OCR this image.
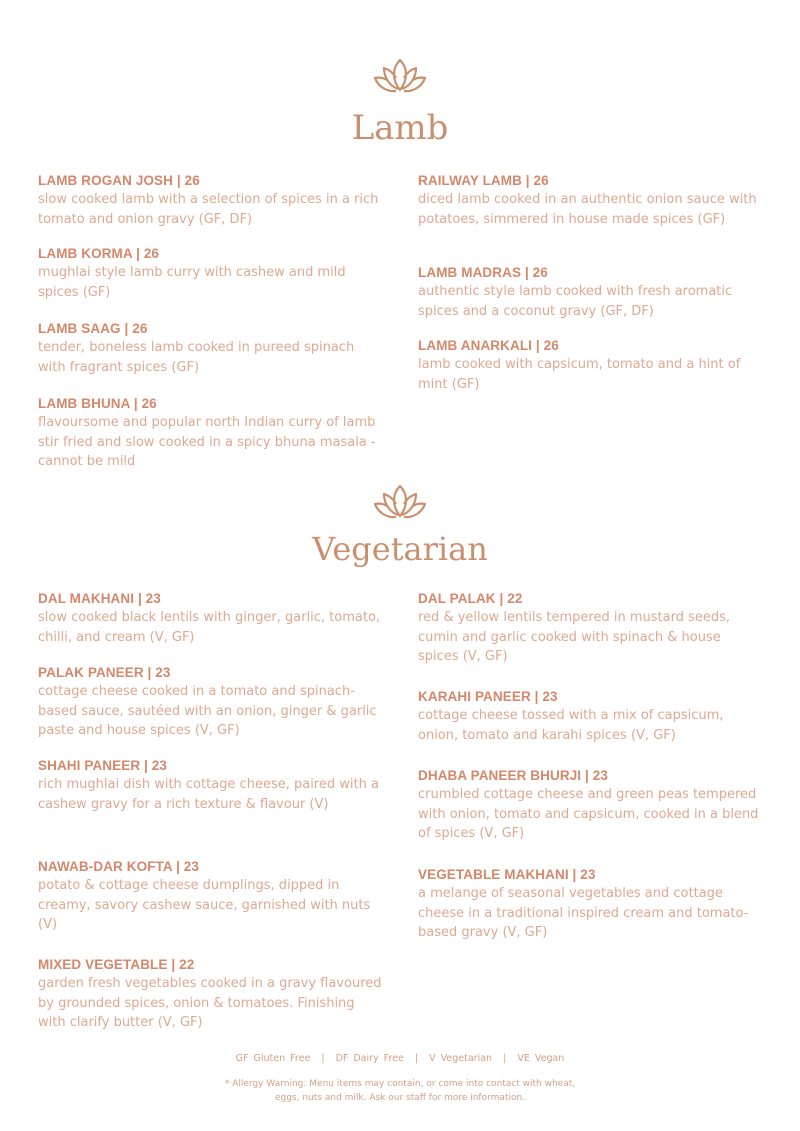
Lamb
LAMB ROGAN JOSH | 26
slow cooked lamb with a selection of spices in a rich tomato and onion gravy (GF, DF)
LAMB KORMA | 26
mughlai style lamb curry with cashew and mild spices (GF)
LAMB SAAG | 26
tender, boneless lamb cooked in pureed spinach with fragrant spices (GF)
LAMB BHUNA | 26
flavoursome and popular north Indian curry of lamb stir fried and slow cooked in a spicy bhuna masala - cannot be mild
RAILWAY LAMB | 26
diced lamb cooked in an authentic onion sauce with potatoes, simmered in house made spices (GF)
LAMB MADRAS | 26
authentic style lamb cooked with fresh aromatic spices and a coconut gravy (GF, DF)
LAMB ANARKALI | 26
lamb cooked with capsicum, tomato and a hint of mint (GF)
Vegetarian
DAL MAKHANI | 23
slow cooked black lentils with ginger, garlic, tomato, chilli, and cream (V, GF)
PALAK PANEER | 23
cottage cheese cooked in a tomato and spinach-based sauce, sautéed with an onion, ginger & garlic paste and house spices (V, GF)
SHAHI PANEER | 23
rich mughlai dish with cottage cheese, paired with a cashew gravy for a rich texture & flavour (V)
NAWAB-DAR KOFTA | 23
potato & cottage cheese dumplings, dipped in creamy, savory cashew sauce, garnished with nuts (V)
MIXED VEGETABLE | 22
garden fresh vegetables cooked in a gravy flavoured by grounded spices, onion & tomatoes. Finishing with clarify butter (V, GF)
DAL PALAK | 22
red & yellow lentils tempered in mustard seeds, cumin and garlic cooked with spinach & house spices (V, GF)
KARAHI PANEER | 23
cottage cheese tossed with a mix of capsicum, onion, tomato and karahi spices (V, GF)
DHABA PANEER BHURJI | 23
crumbled cottage cheese and green peas tempered with onion, tomato and capsicum, cooked in a blend of spices (V, GF)
VEGETABLE MAKHANI | 23
a melange of seasonal vegetables and cottage cheese in a traditional inspired cream and tomato-based gravy (V, GF)
GF Gluten Free | DF Dairy Free | V Vegetarian | VE Vegan
* Allergy Warning: Menu items may contain, or come into contact with wheat,
eggs, nuts and milk. Ask our staff for more information.
